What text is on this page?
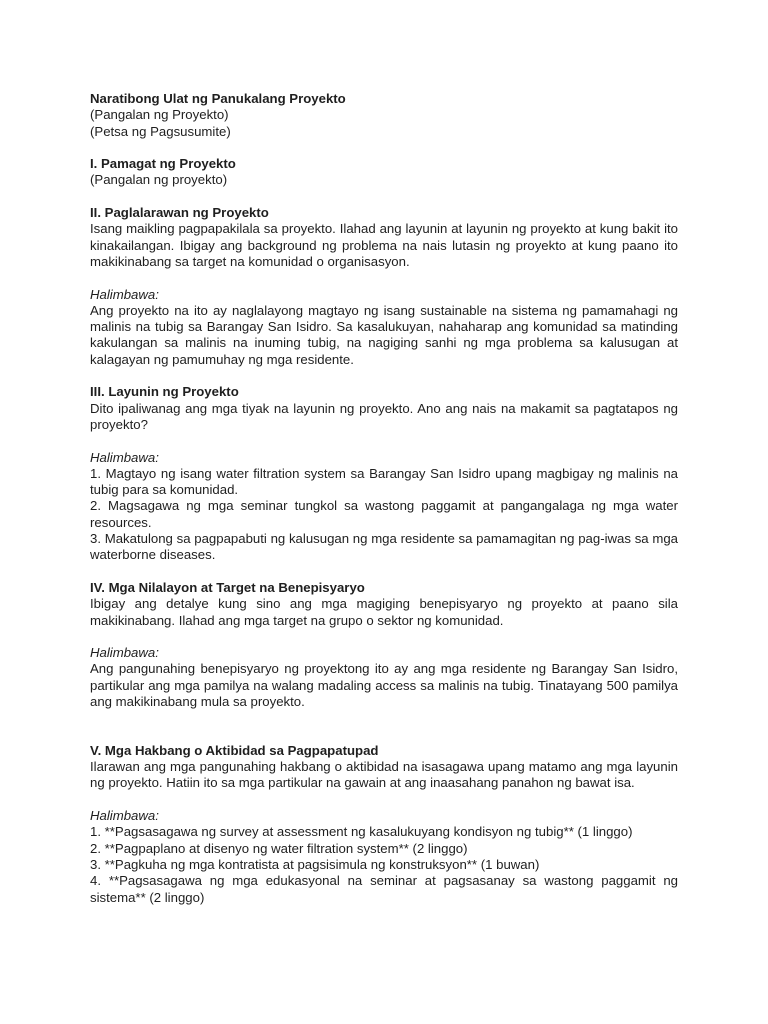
Naratibong Ulat ng Panukalang Proyekto

(Pangalan ng Proyekto)

(Petsa ng Pagsusumite)

I. Pamagat ng Proyekto

(Pangalan ng proyekto)

II. Paglalarawan ng Proyekto

Isang maikling pagpapakilala sa proyekto. Ilahad ang layunin at layunin ng proyekto at kung bakit ito kinakailangan. Ibigay ang background ng problema na nais lutasin ng proyekto at kung paano ito makikinabang sa target na komunidad o organisasyon.

Halimbawa:

Ang proyekto na ito ay naglalayong magtayo ng isang sustainable na sistema ng pamamahagi ng malinis na tubig sa Barangay San Isidro. Sa kasalukuyan, nahaharap ang komunidad sa matinding kakulangan sa malinis na inuming tubig, na nagiging sanhi ng mga problema sa kalusugan at kalagayan ng pamumuhay ng mga residente.

III. Layunin ng Proyekto

Dito ipaliwanag ang mga tiyak na layunin ng proyekto. Ano ang nais na makamit sa pagtatapos ng proyekto?

Halimbawa:

1. Magtayo ng isang water filtration system sa Barangay San Isidro upang magbigay ng malinis na tubig para sa komunidad.
2. Magsagawa ng mga seminar tungkol sa wastong paggamit at pangangalaga ng mga water resources.
3. Makatulong sa pagpapabuti ng kalusugan ng mga residente sa pamamagitan ng pag-iwas sa mga waterborne diseases.

IV. Mga Nilalayon at Target na Benepisyaryo

Ibigay ang detalye kung sino ang mga magiging benepisyaryo ng proyekto at paano sila makikinabang. Ilahad ang mga target na grupo o sektor ng komunidad.

Halimbawa:

Ang pangunahing benepisyaryo ng proyektong ito ay ang mga residente ng Barangay San Isidro, partikular ang mga pamilya na walang madaling access sa malinis na tubig. Tinatayang 500 pamilya ang makikinabang mula sa proyekto.

V. Mga Hakbang o Aktibidad sa Pagpapatupad

Ilarawan ang mga pangunahing hakbang o aktibidad na isasagawa upang matamo ang mga layunin ng proyekto. Hatiin ito sa mga partikular na gawain at ang inaasahang panahon ng bawat isa.

Halimbawa:

1. **Pagsasagawa ng survey at assessment ng kasalukuyang kondisyon ng tubig** (1 linggo)
2. **Pagpaplano at disenyo ng water filtration system** (2 linggo)
3. **Pagkuha ng mga kontratista at pagsisimula ng konstruksyon** (1 buwan)
4. **Pagsasagawa ng mga edukasyonal na seminar at pagsasanay sa wastong paggamit ng sistema** (2 linggo)
